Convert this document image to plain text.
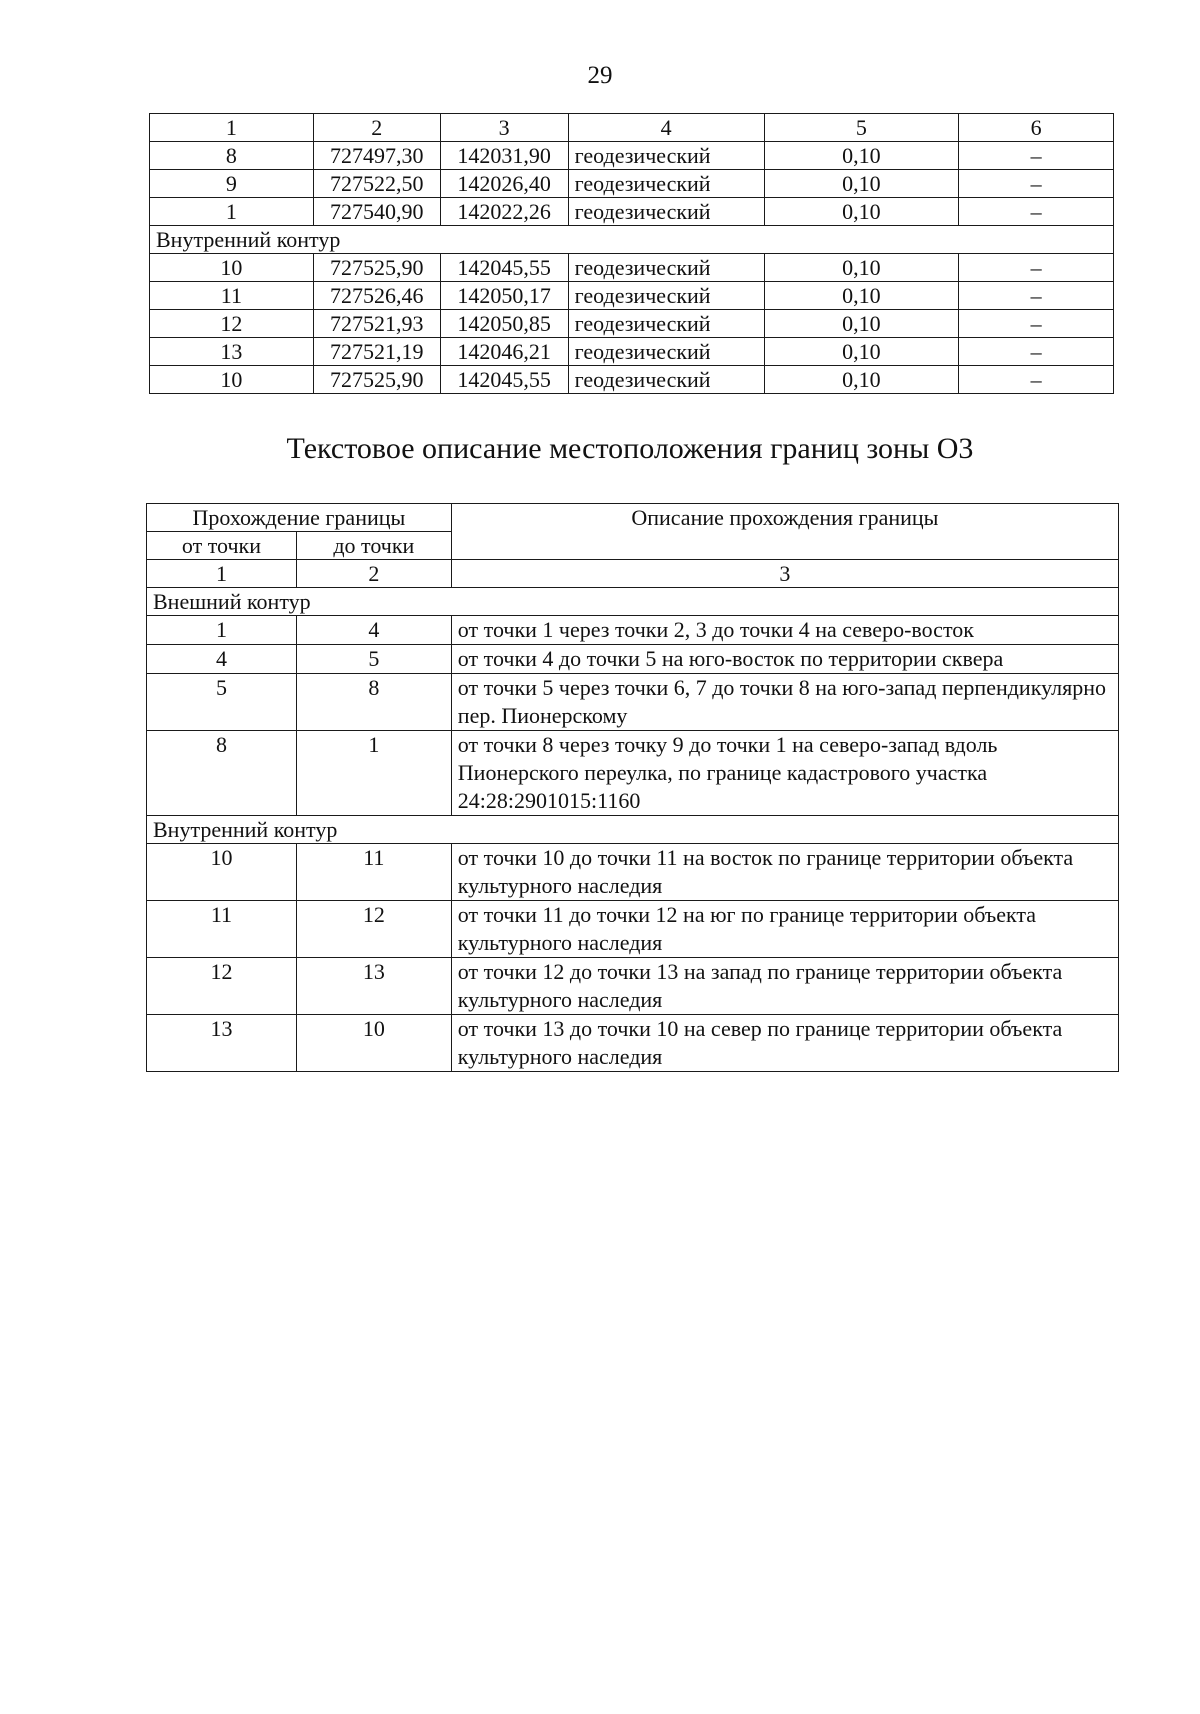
29
1	2	3	4	5	6
8	727497,30	142031,90	геодезический	0,10	–
9	727522,50	142026,40	геодезический	0,10	–
1	727540,90	142022,26	геодезический	0,10	–
Внутренний контур					
10	727525,90	142045,55	геодезический	0,10	–
11	727526,46	142050,17	геодезический	0,10	–
12	727521,93	142050,85	геодезический	0,10	–
13	727521,19	142046,21	геодезический	0,10	–
10	727525,90	142045,55	геодезический	0,10	–
Текстовое описание местоположения границ зоны О3
Прохождение границы		Описание прохождения границы
от точки	до точки	
1	2	3
Внешний контур		
1	4	от точки 1 через точки 2, 3 до точки 4 на северо-восток
4	5	от точки 4 до точки 5 на юго-восток по территории сквера
5	8	от точки 5 через точки 6, 7 до точки 8 на юго-запад перпендикулярно пер. Пионерскому
8	1	от точки 8 через точку 9 до точки 1 на северо-запад вдоль Пионерского переулка, по границе кадастрового участка 24:28:2901015:1160
Внутренний контур		
10	11	от точки 10 до точки 11 на восток по границе территории объекта культурного наследия
11	12	от точки 11 до точки 12 на юг по границе территории объекта культурного наследия
12	13	от точки 12 до точки 13 на запад по границе территории объекта культурного наследия
13	10	от точки 13 до точки 10 на север по границе территории объекта культурного наследия
